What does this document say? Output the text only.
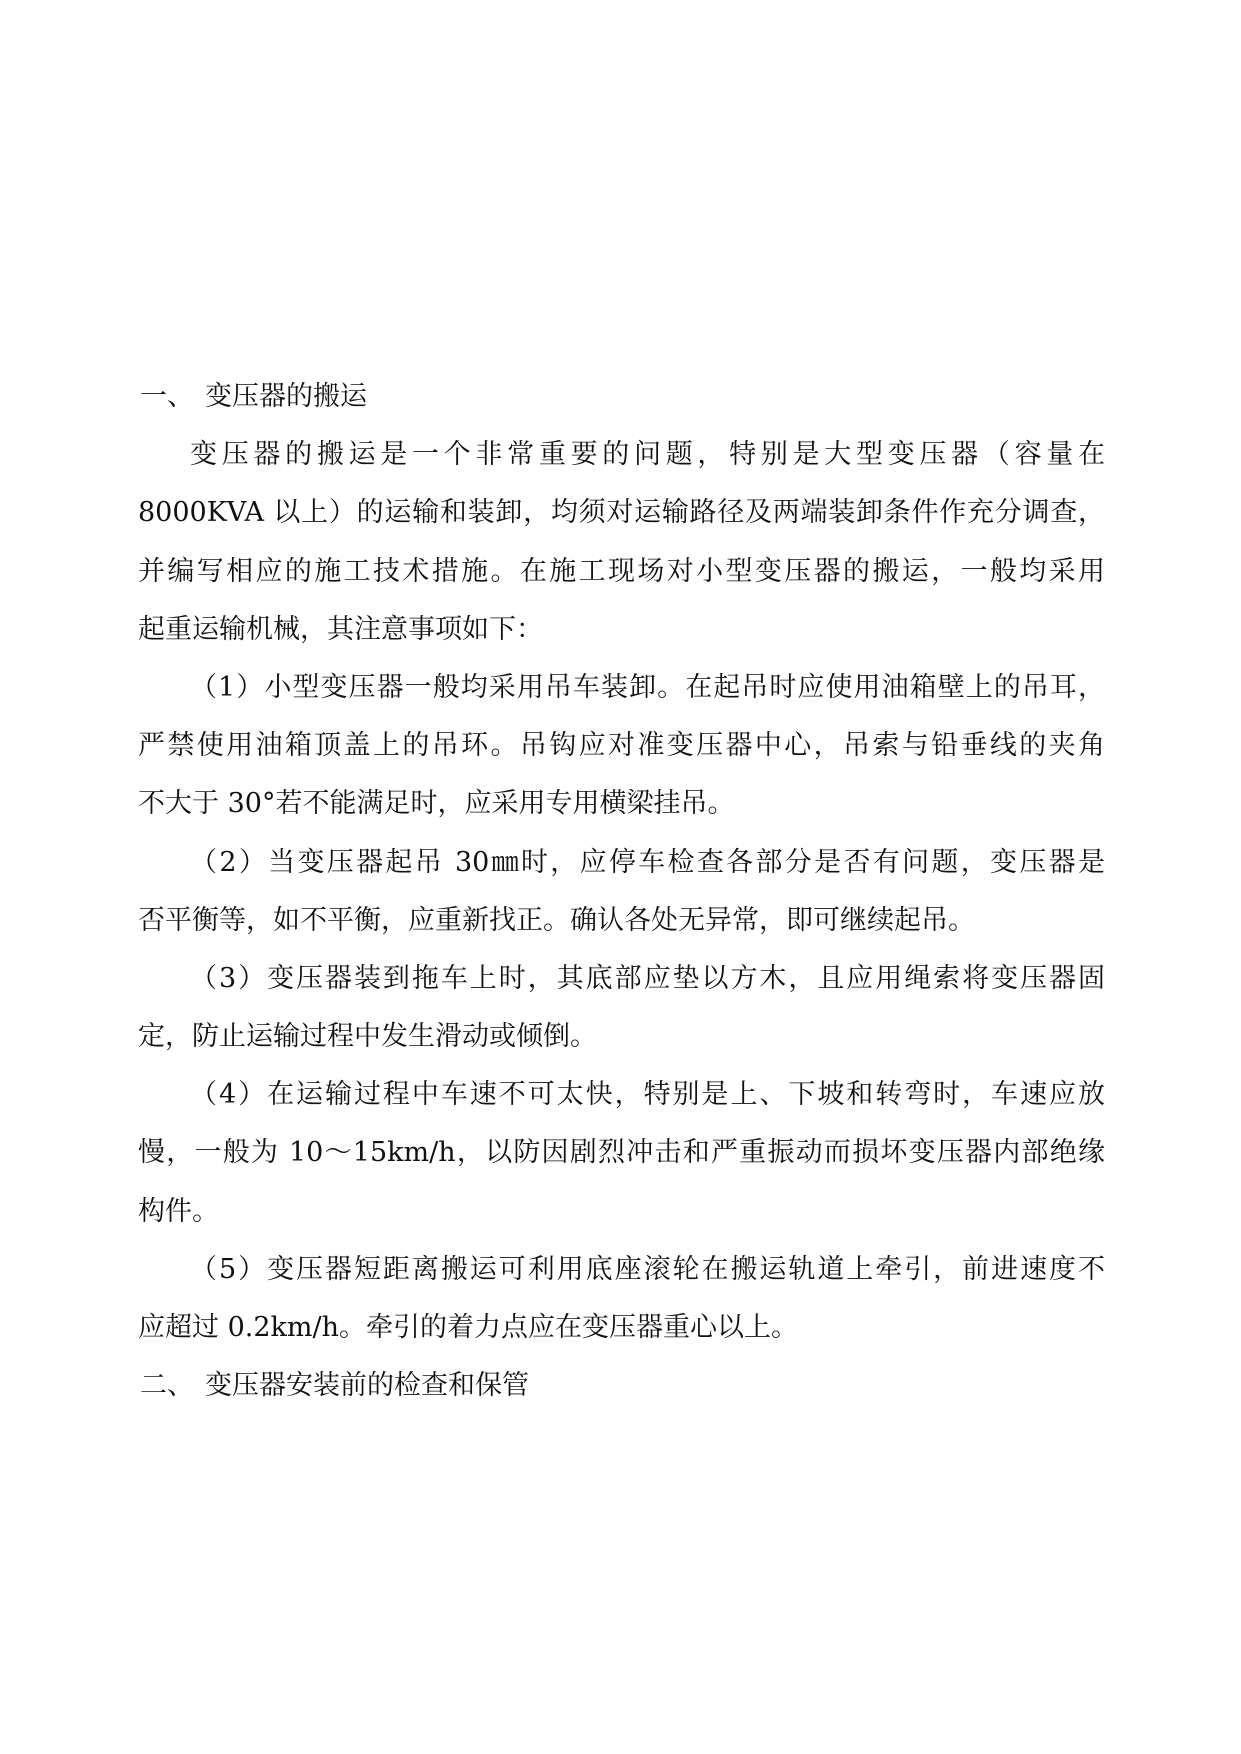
一、 变压器的搬运
变压器的搬运是一个非常重要的问题，特别是大型变压器（容量在
8000KVA 以上）的运输和装卸，均须对运输路径及两端装卸条件作充分调查，
并编写相应的施工技术措施。在施工现场对小型变压器的搬运，一般均采用
起重运输机械，其注意事项如下：
（1）小型变压器一般均采用吊车装卸。在起吊时应使用油箱壁上的吊耳，
严禁使用油箱顶盖上的吊环。吊钩应对准变压器中心，吊索与铅垂线的夹角
不大于 30°若不能满足时，应采用专用横梁挂吊。
（2）当变压器起吊 30㎜时，应停车检查各部分是否有问题，变压器是
否平衡等，如不平衡，应重新找正。确认各处无异常，即可继续起吊。
（3）变压器装到拖车上时，其底部应垫以方木，且应用绳索将变压器固
定，防止运输过程中发生滑动或倾倒。
（4）在运输过程中车速不可太快，特别是上、下坡和转弯时，车速应放
慢，一般为 10～15km/h，以防因剧烈冲击和严重振动而损坏变压器内部绝缘
构件。
（5）变压器短距离搬运可利用底座滚轮在搬运轨道上牵引，前进速度不
应超过 0.2km/h。牵引的着力点应在变压器重心以上。
二、 变压器安装前的检查和保管
